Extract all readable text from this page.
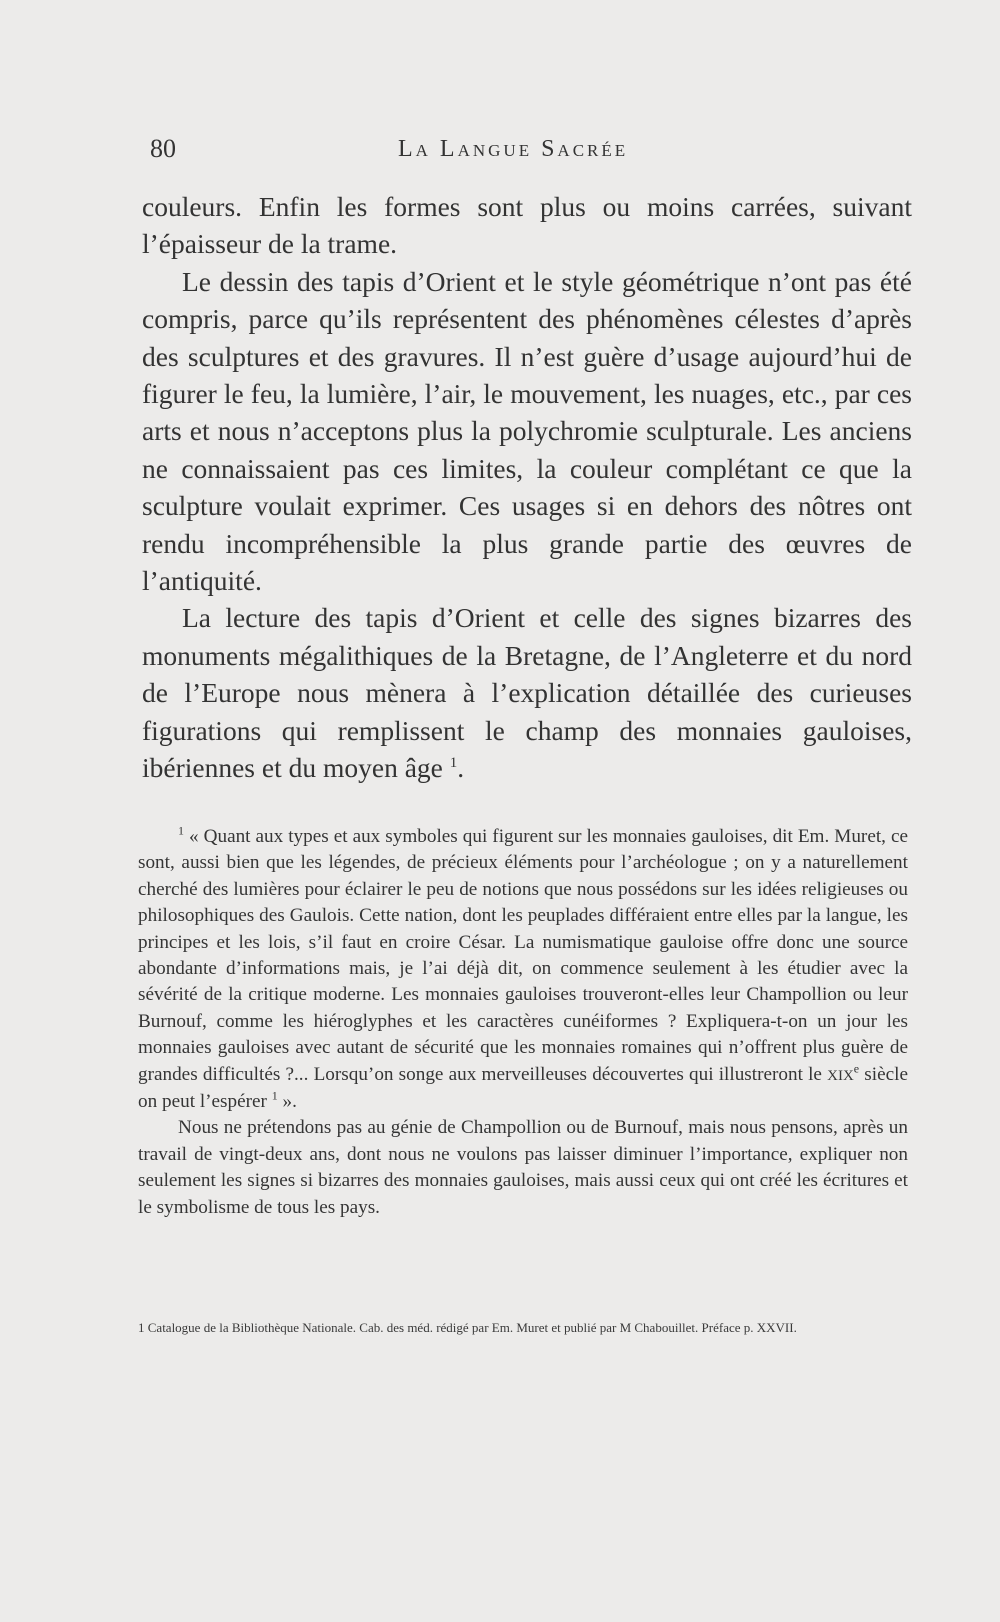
80	La Langue Sacrée

couleurs. Enfin les formes sont plus ou moins carrées, suivant l’épaisseur de la trame.

Le dessin des tapis d’Orient et le style géométrique n’ont pas été compris, parce qu’ils représentent des phénomènes célestes d’après des sculptures et des gravures. Il n’est guère d’usage aujourd’hui de figurer le feu, la lumière, l’air, le mouvement, les nuages, etc., par ces arts et nous n’acceptons plus la polychromie sculpturale. Les anciens ne connaissaient pas ces limites, la couleur complétant ce que la sculpture voulait exprimer. Ces usages si en dehors des nôtres ont rendu incompréhensible la plus grande partie des œuvres de l’antiquité.

La lecture des tapis d’Orient et celle des signes bizarres des monuments mégalithiques de la Bretagne, de l’Angleterre et du nord de l’Europe nous mènera à l’explication détaillée des curieuses figurations qui remplissent le champ des monnaies gauloises, ibériennes et du moyen âge $^1$.

$^1$ « Quant aux types et aux symboles qui figurent sur les monnaies gauloises, dit Em. Muret, ce sont, aussi bien que les légendes, de précieux éléments pour l’archéologue ; on y a naturellement cherché des lumières pour éclairer le peu de notions que nous possédons sur les idées religieuses ou philosophiques des Gaulois. Cette nation, dont les peuplades différaient entre elles par la langue, les principes et les lois, s’il faut en croire César. La numismatique gauloise offre donc une source abondante d’informations mais, je l’ai déjà dit, on commence seulement à les étudier avec la sévérité de la critique moderne. Les monnaies gauloises trouveront-elles leur Champollion ou leur Burnouf, comme les hiéroglyphes et les caractères cunéiformes ? Expliquera-t-on un jour les monnaies gauloises avec autant de sécurité que les monnaies romaines qui n’offrent plus guère de grandes difficultés ?... Lorsqu’on songe aux merveilleuses découvertes qui illustreront le XIXe siècle on peut l’espérer $^1$ ».

Nous ne prétendons pas au génie de Champollion ou de Burnouf, mais nous pensons, après un travail de vingt-deux ans, dont nous ne voulons pas laisser diminuer l’importance, expliquer non seulement les signes si bizarres des monnaies gauloises, mais aussi ceux qui ont créé les écritures et le symbolisme de tous les pays.

1 Catalogue de la Bibliothèque Nationale. Cab. des méd. rédigé par Em. Muret et publié par M Chabouillet. Préface p. XXVII.
